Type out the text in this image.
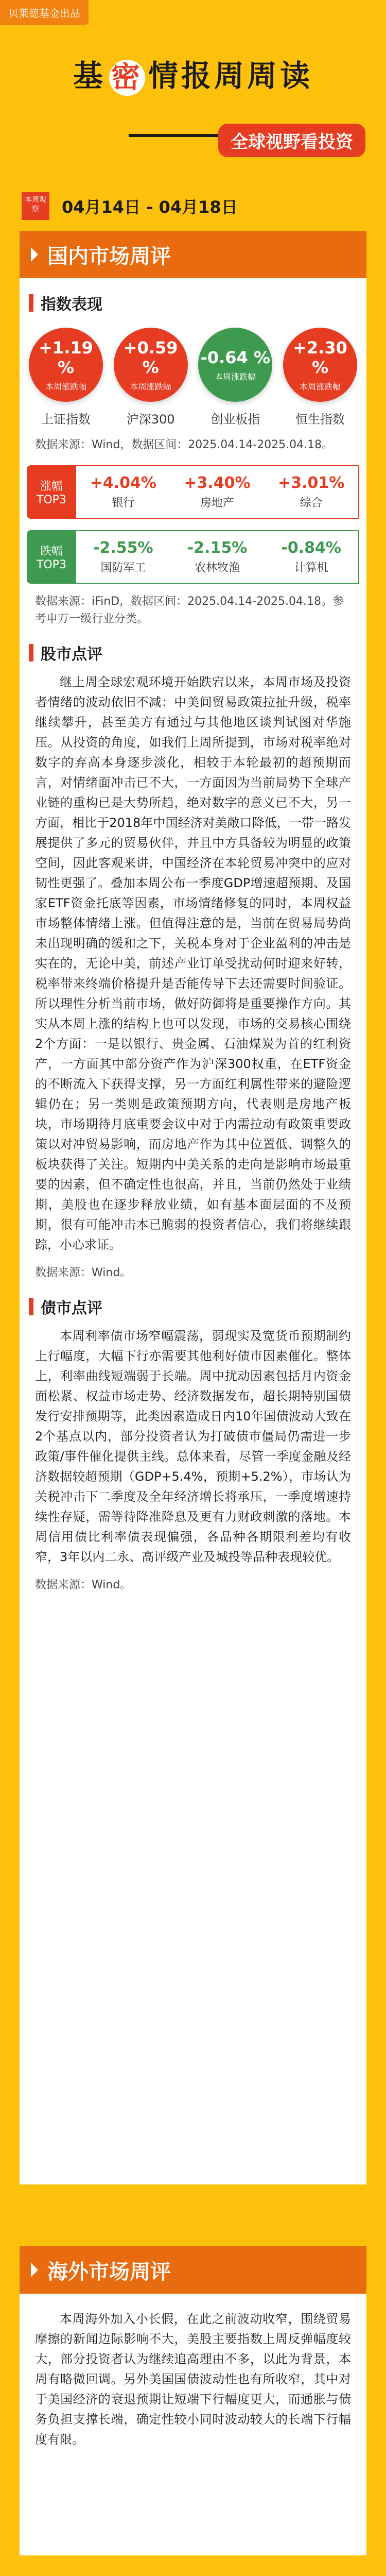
贝莱德基金出品
基 密 情报周周读
全球视野看投资
本周观察	04月14日 - 04月18日
国内市场周评
指数表现
+1.19 %
本周涨跌幅
上证指数
+0.59 %
本周涨跌幅
沪深300
-0.64 %
本周涨跌幅
创业板指
+2.30 %
本周涨跌幅
恒生指数
数据来源：Wind，数据区间：2025.04.14-2025.04.18。
涨幅
TOP3
+4.04%
银行
+3.40%
房地产
+3.01%
综合
跌幅
TOP3
-2.55%
国防军工
-2.15%
农林牧渔
-0.84%
计算机
数据来源：iFinD，数据区间：2025.04.14-2025.04.18。参考申万一级行业分类。
股市点评
继上周全球宏观环境开始跌宕以来，本周市场及投资者情绪的波动依旧不减：中美间贸易政策拉扯升级，税率继续攀升，甚至美方有通过与其他地区谈判试图对华施压。从投资的角度，如我们上周所提到，市场对税率绝对数字的弃高本身逐步淡化，相较于本轮最初的超预期而言，对情绪面冲击已不大，一方面因为当前局势下全球产业链的重构已是大势所趋，绝对数字的意义已不大，另一方面，相比于2018年中国经济对美敞口降低，一带一路发展提供了多元的贸易伙伴，并且中方具备较为明显的政策空间，因此客观来讲，中国经济在本轮贸易冲突中的应对韧性更强了。叠加本周公布一季度GDP增速超预期、及国家ETF资金托底等因素，市场情绪修复的同时，本周权益市场整体情绪上涨。但值得注意的是，当前在贸易局势尚未出现明确的缓和之下，关税本身对于企业盈利的冲击是实在的，无论中美，前述产业订单受扰动何时迎来好转，税率带来终端价格提升是否能传导下去还需要时间验证。所以理性分析当前市场，做好防御将是重要操作方向。其实从本周上涨的结构上也可以发现，市场的交易核心围绕2个方面：一是以银行、贵金属、石油煤炭为首的红利资产，一方面其中部分资产作为沪深300权重，在ETF资金的不断流入下获得支撑，另一方面红利属性带来的避险逻辑仍在；另一类则是政策预期方向，代表则是房地产板块，市场期待月底重要会议中对于内需拉动有政策重要政策以对冲贸易影响，而房地产作为其中位置低、调整久的板块获得了关注。短期内中美关系的走向是影响市场最重要的因素，但不确定性也很高，并且，当前仍然处于业绩期，美股也在逐步释放业绩，如有基本面层面的不及预期，很有可能冲击本已脆弱的投资者信心，我们将继续跟踪，小心求证。
数据来源：Wind。
债市点评
本周利率债市场窄幅震荡，弱现实及宽货币预期制约上行幅度，大幅下行亦需要其他利好债市因素催化。整体上，利率曲线短端弱于长端。周中扰动因素包括月内资金面松紧、权益市场走势、经济数据发布，超长期特别国债发行安排预期等，此类因素造成日内10年国债波动大致在2个基点以内，部分投资者认为打破债市僵局仍需进一步政策/事件催化提供主线。总体来看，尽管一季度金融及经济数据较超预期（GDP+5.4%，预期+5.2%），市场认为关税冲击下二季度及全年经济增长将承压，一季度增速持续性存疑，需等待降准降息及更有力财政刺激的落地。本周信用债比利率债表现偏强，各品种各期限利差均有收窄，3年以内二永、高评级产业及城投等品种表现较优。
数据来源：Wind。
海外市场周评
本周海外加入小长假，在此之前波动收窄，围绕贸易摩擦的新闻边际影响不大，美股主要指数上周反弹幅度较大，部分投资者认为继续追高理由不多，以此为背景，本周有略微回调。另外美国国债波动性也有所收窄，其中对于美国经济的衰退预期让短端下行幅度更大，而通胀与债务负担支撑长端，确定性较小同时波动较大的长端下行幅度有限。
